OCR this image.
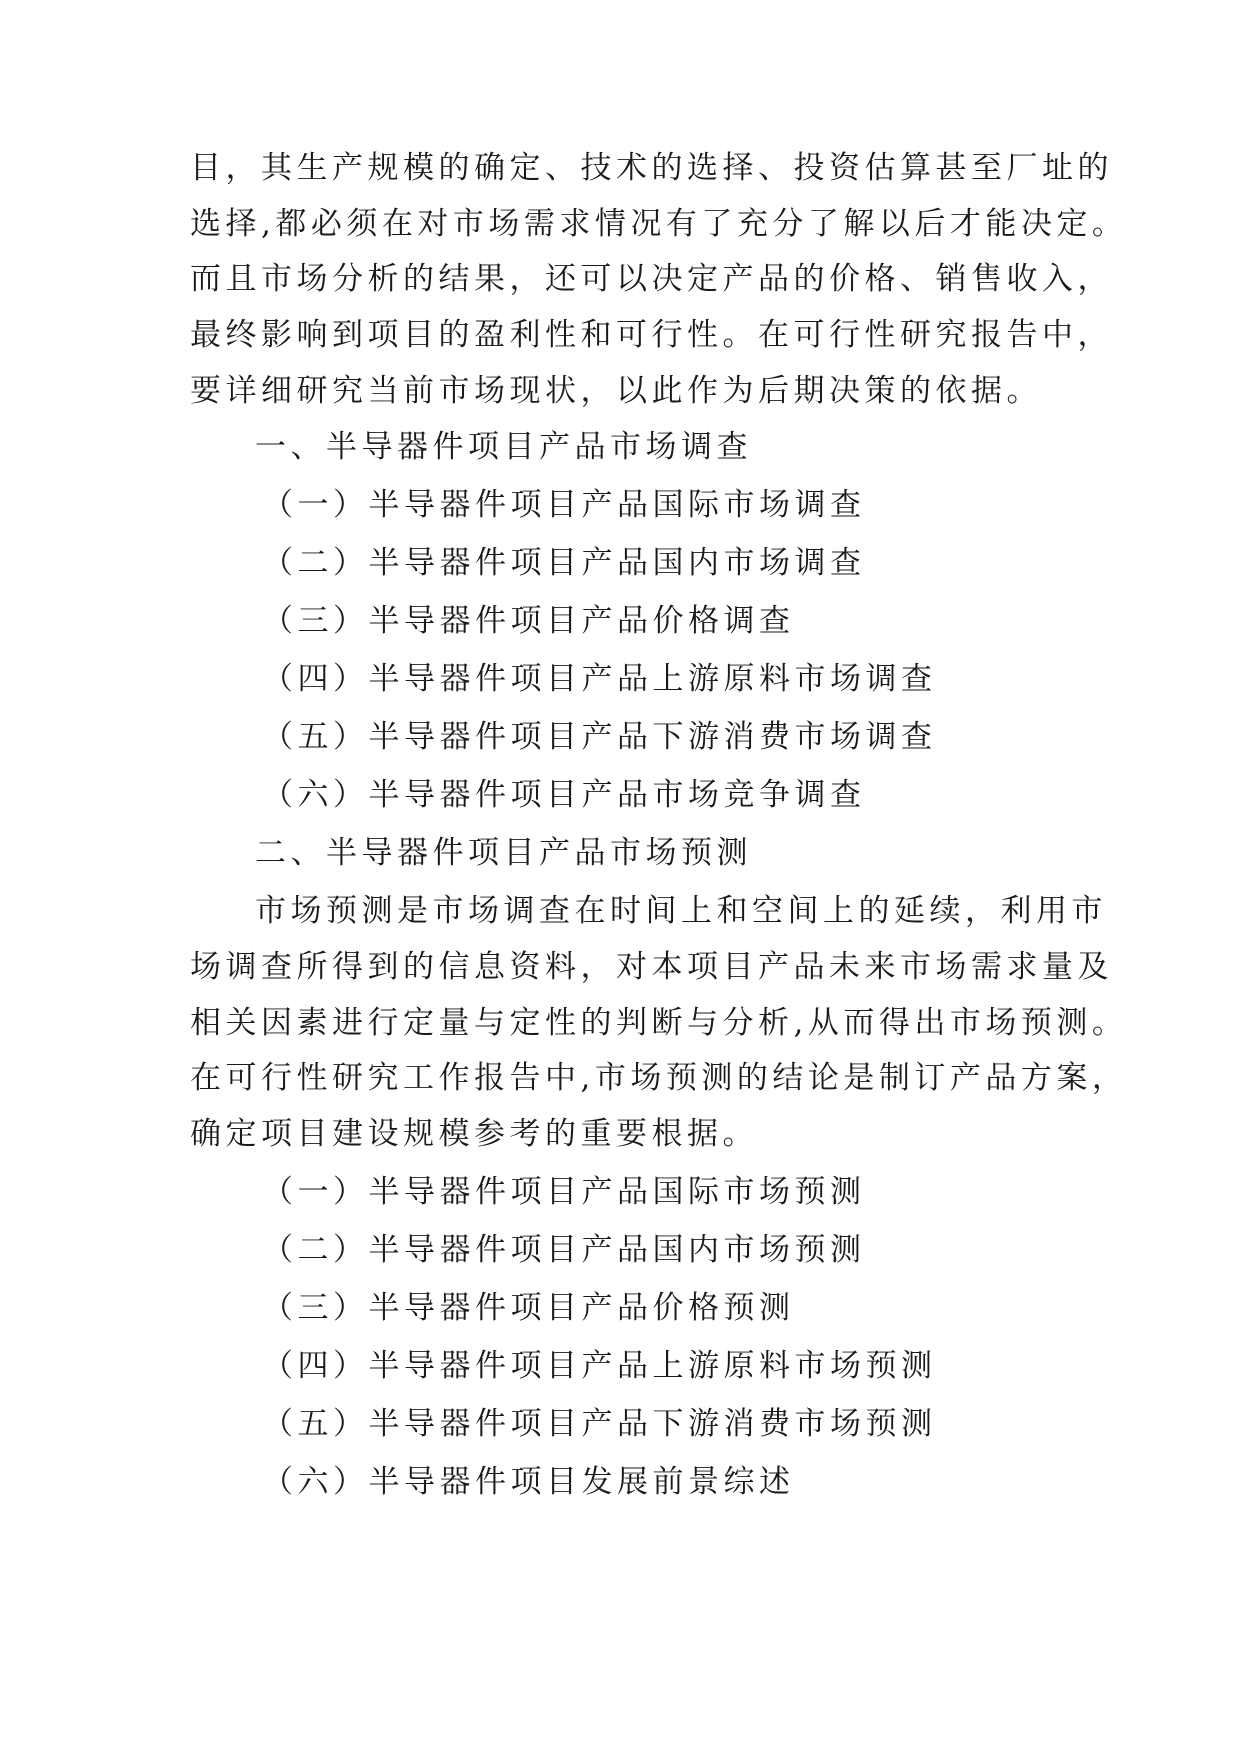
目，其生产规模的确定、技术的选择、投资估算甚至厂址的
选择,都必须在对市场需求情况有了充分了解以后才能决定。
而且市场分析的结果，还可以决定产品的价格、销售收入，
最终影响到项目的盈利性和可行性。在可行性研究报告中，
要详细研究当前市场现状，以此作为后期决策的依据。
一、半导器件项目产品市场调查
（一）半导器件项目产品国际市场调查
（二）半导器件项目产品国内市场调查
（三）半导器件项目产品价格调查
（四）半导器件项目产品上游原料市场调查
（五）半导器件项目产品下游消费市场调查
（六）半导器件项目产品市场竞争调查
二、半导器件项目产品市场预测
市场预测是市场调查在时间上和空间上的延续，利用市
场调查所得到的信息资料，对本项目产品未来市场需求量及
相关因素进行定量与定性的判断与分析,从而得出市场预测。
在可行性研究工作报告中,市场预测的结论是制订产品方案，
确定项目建设规模参考的重要根据。
（一）半导器件项目产品国际市场预测
（二）半导器件项目产品国内市场预测
（三）半导器件项目产品价格预测
（四）半导器件项目产品上游原料市场预测
（五）半导器件项目产品下游消费市场预测
（六）半导器件项目发展前景综述
